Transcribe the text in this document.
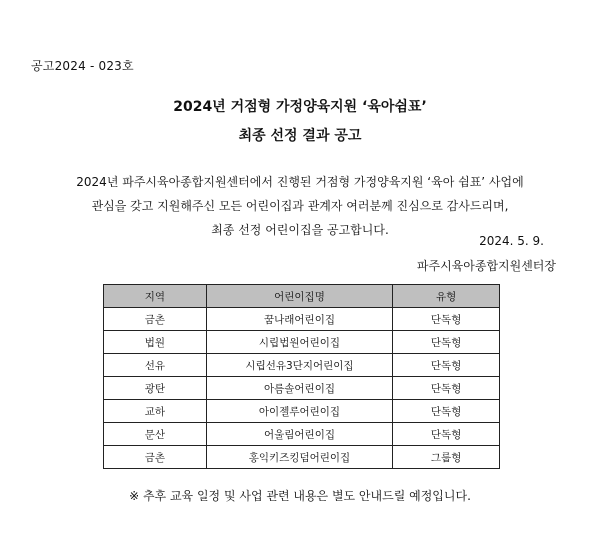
공고2024 - 023호
2024년 거점형 가정양육지원 ‘육아쉼표’
최종 선정 결과 공고
2024년 파주시육아종합지원센터에서 진행된 거점형 가정양육지원 ‘육아 쉼표’ 사업에
관심을 갖고 지원해주신 모든 어린이집과 관계자 여러분께 진심으로 감사드리며,
최종 선정 어린이집을 공고합니다.
2024. 5. 9.
파주시육아종합지원센터장
지역	어린이집명	유형
금촌	꿈나래어린이집	단독형
법원	시립법원어린이집	단독형
선유	시립선유3단지어린이집	단독형
광탄	아름솔어린이집	단독형
교하	아이젤루어린이집	단독형
문산	어울림어린이집	단독형
금촌	홍익키즈킹덤어린이집	그룹형
※ 추후 교육 일정 및 사업 관련 내용은 별도 안내드릴 예정입니다.
